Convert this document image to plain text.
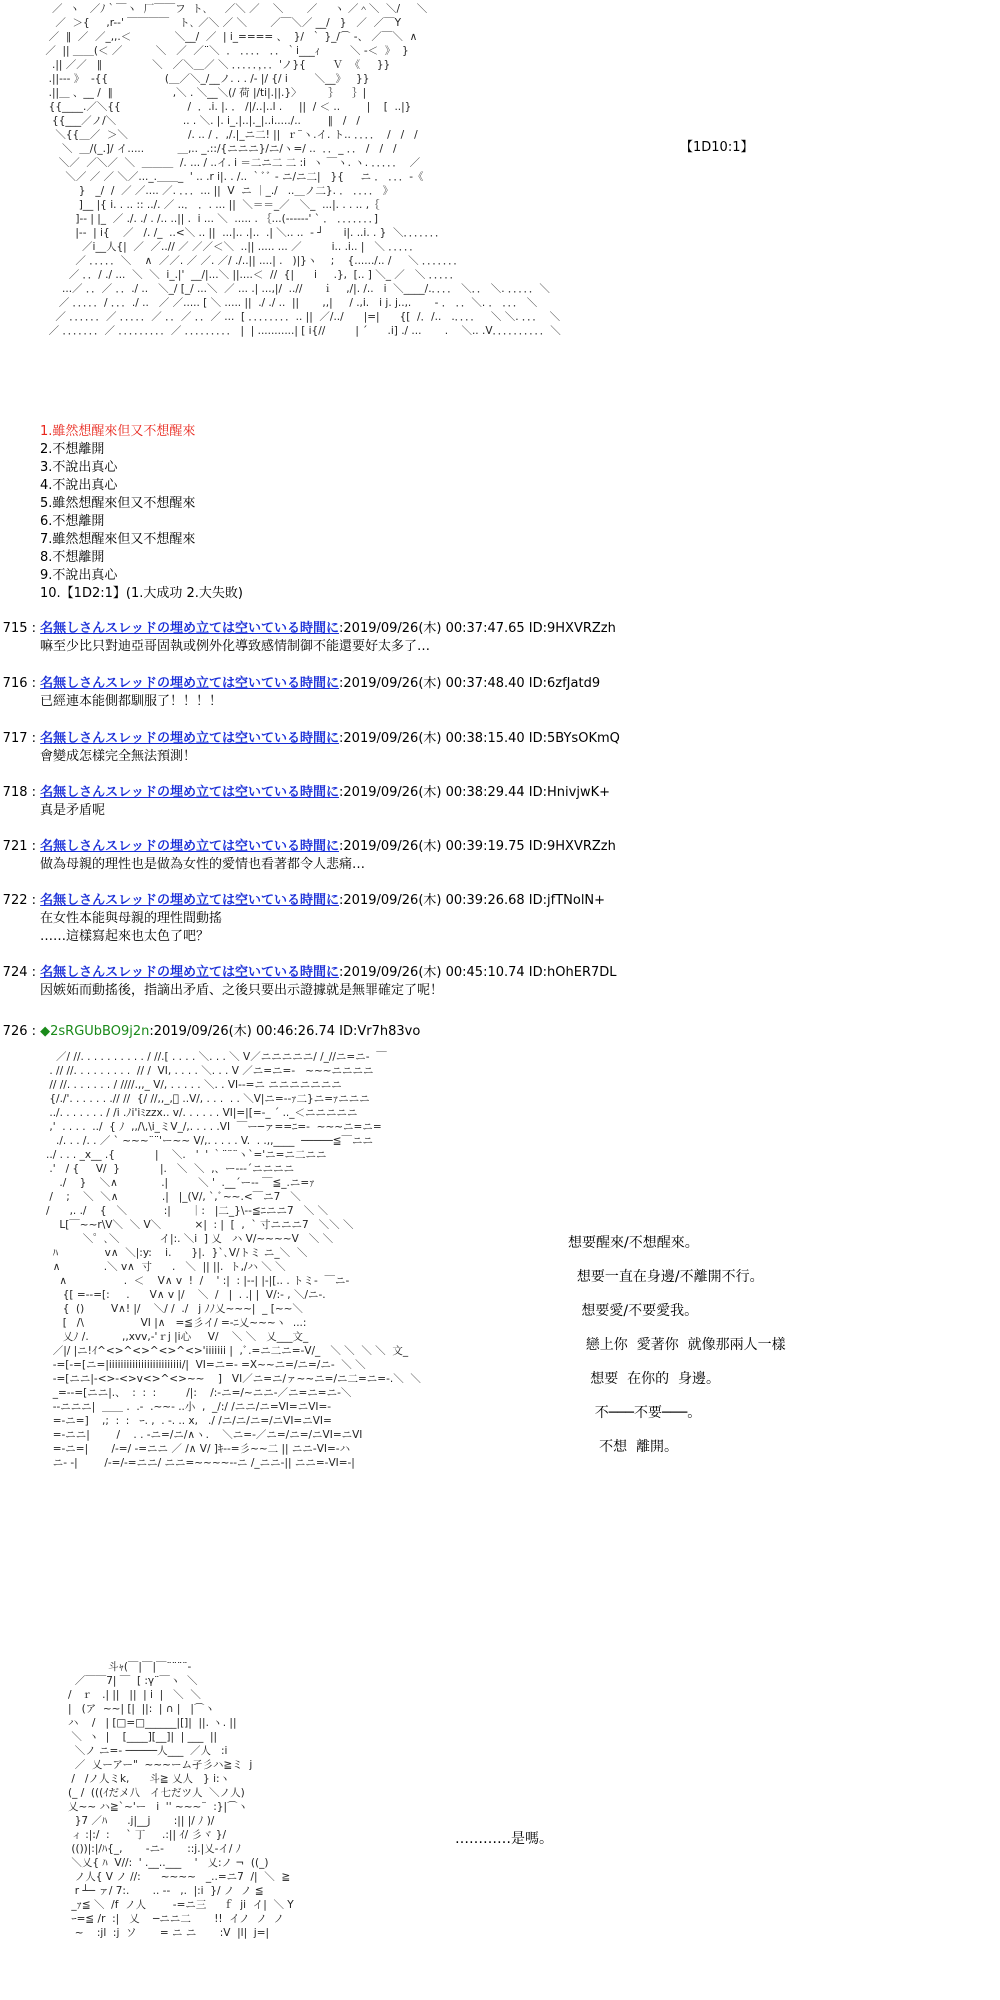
／  ヽ   ／ﾉ｀￣ヽ  厂￣￣フ  ト､     ／＼ ／    ＼       ／     ヽ ／＾＼  ＼/     ＼
／  ＞{     ,r--' ￣￣￣￣   ト､ ／＼ ／ ＼       ／￣＼／ __/   }   ／  ／￣Y
／  ∥  ／  ／_,,.＜             ＼__/  ／  | i_==== 、  }/  ｀ }_/⌒ -、 ／￣＼  ∧
／  || ＿＿(＜ ／          ＼   ／  ／¨＼  ． ．．．． ．．｀i___ｨ         ＼ ‐＜  》  }
.|| ／／   ∥               ＼   ／＼＿／ ＼ ．．．．．，．．'ノ}{        Ｖ  《     }}
.||--- 》  -{{                 (＿／＼_/__ノ. . . /- |/ {/ i        ＼__》   }}
.||＿ 、__ /  ∥                  ,＼ . ＼__＼(/ 荷 |/ti|.||.}〉        ｝    ｝|
{{____.／＼{{                    /  ．.i. |. ． /|/..|..l .     ||  / ＜ ..        |    [  ..|}
{{___／ノ/＼                    .. . ＼. |. i_.|..|._|..i...../..        ∥   /   /
＼{{＿／  ＞＼                  /. .. / ．,/.|_ニ二! ||  ｒ¨ヽ.イ. ト.. ．．．．  /   /   /
＼  ＿/(_.]/ イ.....          ＿,.. _.::/{ニニニ}/ニ/ヽ=/ ..  ．．_ ．． /   /   /
＼／  ／＼／  ＼  ＿＿＿  /. ... / ..イ. i ＝二ニ二 二 :i  ヽ ￣ヽ. ヽ. ．．．．．  ／
＼／ ／ ／ ＼／..._.＿＿_  ' .. .r i|. . /.. ｀ﾞﾞ ‐ ニ/ニ二|   }{     ニ ． ．．．‐《
}   _/  /  ／ ／.... ／. ．．．... ||  V  ニ ｜_./   ..＿ノ二}. ． ．．．． 》
]__ |{ i. . .. :: ../. ／ ..． ．. ... ||  ＼＝＝_／   ＼_  ...|. . . .. ,｛
]-- | |_  ／ ./. ./ . /.. ..|| .  i ... ＼  ..... . ｛...(------' ` ． ．．．．．．．]
|--  | i{    ／   /. /_  ..<＼ .. ||  ...|.. .|..  .| ＼.. ..  ‐ ┘      i|. ..i. . }  ＼．．．．．．．
／i__人{|  ／  ／..// ／ ／／＜＼  ..|| ..... ... ／         i.. .i.. |   ＼ ．．．．．
／ ．．．．．＼    ∧  ／／. ／ ／. ／/ ./..|| ....| .   )|}ヽ    ;    {....../.. /     ＼ ．．．．．．．
／ ．．/ ./ ...  ＼  ＼  i_.|'  __/|...＼ ||....＜  //  {|      i     .},  [.. ] ＼_ ／   ＼ ．．．．．
...／ ．．／ ．．./ ..   ＼_/ [_/ ...＼  ／ ... .| ...,|/  ..//      ｉ    ,/|. /..   i  ＼____/.．．．． ＼．． ＼. ．．．．．＼
／ ．．．．．/ ．．．./ ..   ／ ／..... [ ＼ ..... ||  ./ ./ ..  ||       ,,|     / .,i.   i j. j..,.       ‐ ． ．．＼. ． ．．． ＼
／ ．．．．．．／ ．．．．．／ ．．／ ．．／ ...  [ ．．．．．．．．.. ||  ／/../      |=|      {[  /．/..   .．．．．   ＼ ＼. ．．．  ＼
／ ．．．．．．．／ ．．．．．．．．．／ ．．．．．．．．． |  | ...........| [ i{//         | ´      .i] ./ ...       .    ＼.. .V．．．．．．．．．．＼
【1D10:1】
1.雖然想醒來但又不想醒來
2.不想離開
3.不說出真心
4.不說出真心
5.雖然想醒來但又不想醒來
6.不想離開
7.雖然想醒來但又不想醒來
8.不想離開
9.不說出真心
10.【1D2:1】(1.大成功 2.大失敗)
715 : 名無しさんスレッドの埋め立ては空いている時間に:2019/09/26(木) 00:37:47.65 ID:9HXVRZzh
嘛至少比只對迪亞哥固執或例外化導致感情制御不能還要好太多了…
716 : 名無しさんスレッドの埋め立ては空いている時間に:2019/09/26(木) 00:37:48.40 ID:6zfJatd9
已經連本能側都馴服了！！！！
717 : 名無しさんスレッドの埋め立ては空いている時間に:2019/09/26(木) 00:38:15.40 ID:5BYsOKmQ
會變成怎樣完全無法預測！
718 : 名無しさんスレッドの埋め立ては空いている時間に:2019/09/26(木) 00:38:29.44 ID:HnivjwK+
真是矛盾呢
721 : 名無しさんスレッドの埋め立ては空いている時間に:2019/09/26(木) 00:39:19.75 ID:9HXVRZzh
做為母親的理性也是做為女性的愛情也看著都令人悲痛…
722 : 名無しさんスレッドの埋め立ては空いている時間に:2019/09/26(木) 00:39:26.68 ID:jfTNolN+
在女性本能與母親的理性間動搖
……這樣寫起來也太色了吧？
724 : 名無しさんスレッドの埋め立ては空いている時間に:2019/09/26(木) 00:45:10.74 ID:hOhER7DL
因嫉妬而動搖後，指謫出矛盾、之後只要出示證據就是無罪確定了呢！
726 : ◆2sRGUbBO9j2n:2019/09/26(木) 00:46:26.74 ID:Vr7h83vo
／/ //. . . . . . . . . . / //.[ . . . . ＼. . . ＼ V／ニニニニニ/ /_//ニ=ニ-  ￣
. // //. . . . . . . . .  // /  VI, . . . . ＼. . . V ／ニ=ニ=-   ~~~ニニニニ
// //. . . . . . . / ////.,,_ V/, . . . . . ＼. . VI--=ニ ニニニニニニニ
{/./'. . . . . . .// //  {/ //,,_,ﾞ ..V/, . . .  . . ＼V|ニ=--ｧ二}ニ=ｧニニニ
../. . . . . . . / /i .ﾉi'iﾐzzx.. v/. . . . . . VI|=|[=-_ ´ .._＜ニニニニニ
,'  . . . .  ../  { ﾉ  ,,/\,\i_ミV_/,. . . . .VI  ￣ー─ァ==ﾆ=-  ~~~ニ=ニ=
./. . . /. . ／ ` ~~~¨¨'ー~~ V/,. . . . . V.  . .,,____  ─────≦￣ニニ
../ . . . _x__ .{            |    ＼.   '  ' ｀¨¨¨ヽ`='ニ=ニ二ニニ
.'   / {     V/  }            |.   ＼  ＼  ,、ー---´ニニニニ
./    }    ＼∧             .|         ＼ '  .__´ー-- ￣≦_.ニ=ｧ
/    ;    ＼  ＼∧             .|   |_(V/, `,ﾞ~~.<￣ニ7   ＼
/      ,. ./    {   ＼           :|      ｜:   |二_}\--≦ﾆニニ7   ＼ ＼
L[￣~~r\V＼  ＼ V＼          ×|  : |  [  ,  ` 寸ニニニ7   ＼＼ ＼
＼゜､＼            イ|:. ＼i  ] 乂   ハ V/~~~~V   ＼ ＼
ﾊ              v∧  ＼|:y:    i.      }|.  }`､V/トミ ニ_＼  ＼
∧             .＼ v∧  寸      .   ＼  || ||.  ト,/ハ ＼ ＼
∧                 .  ＜    V∧ v  !  /    ' :|  : |--| |-|[.. . トミ-  ￣ニ-
{[ =--=[:     .      V∧ v |/    ＼  /   |  . .| |  V/:- , ＼/ニ-.
{  ()        V∧! |/    ＼/ /  ./   j ﾉﾉ乂~~~|  _ [~~＼
[   /\                 VI |∧   =≦彡イ/ =-ﾆ乂~~~ヽ  ...:
乂ﾉ /.          ,,xvv,-'ｒj |i心     V/    ＼ ＼   乂___文_
／|/ |ニ!ｲ^<>^<>^<>^<>'iiiiiii |  ,ﾞ.=ニ二ニ=-V/_   ＼ ＼  ＼ ＼  文_
-=[-=[ニ=|iiiiiiiiiiiiiiiiiiiiiiiii/|  VI=ニ=- =X~~ニ=/ニ=/ニ-  ＼ ＼
-=[ニニ|-<>-<>v<>^<>~~    ]   VI／ニ=ニ/ァ~~ニ=/ニ二=ニ=-.＼  ＼
_=--=[ニニ|.、  :  :  :         /|:    /:-ニ=/~ニニ-／ニ=ニ=ニ-＼
--ニニニ|  ＿＿ .  .‐  .~~‐ ..小  ,  _/:/ /ニニ/ニ=VI=ニVI=-
=-ニ=]    ,;  :  :   ｰ. ,  . ‐. .. x,   ./ /ニ/ニ/ニ=/ニVI=ニVI=
=-ニニ|        /    . . -ニ=/ニ/∧ヽ.    ＼ニ=-／ニ=/ニ=/ニVI=ニVI
=-ニ=|       /-=/ -=ニニ ／ /∧ V/ ]ｷ--=彡~~二 || ニニ-VI=-ハ
ニ- -|        /-=/-=ニニ/ ニニ=~~~~--ニ /_ニニ-|| ニニ=-VI=-|
想要醒來/不想醒來。
想要一直在身邊/不離開不行。
想要愛/不要愛我。
戀上你  愛著你  就像那兩人一樣
想要  在你的  身邊。
不───不要───。
不想  離開。
斗ｬ(￣|￣|￣¨¨¨¨‐
／￣￣7| ￣  [ :γ¨￣ヽ  ＼
/   ｒ   .| ||   ||  | i  |   ＼  ＼
|   (ア  ~~| [|  ||:  | ∩ |   |⌒ヽ
ハ    /   | [□=□______|[]|  ||. ヽ. ||
＼  ヽ  |    [____][__]|  | ___  ||
＼ノ ニ=- ─────人___  ／人   :i
／  乂ーアー"  ~~~ーム孑彡ハ≧ミ  j
/   /ノ人ミk,      斗≧ 乂人   } i:ヽ
(_ /  (((ｲだメ八   イ七だツ人  ＼ノ人)
乂~~ ハ≧`~'ー   i  '' ~~~¨  :}|⌒ヽ
}7 ／ﾊ      .j|__j       :|| |/ ﾉ )/
ィ :|:/  :     ` 丁     .:|| ｲ/ 彡ヾ }/
(())|:|/ﾊ{_,       -ニ-       ::j.|乂-イ/ ﾉ
＼乂{ ﾊ  V//:  ' .__..___    '   乂:ノ ¬  ((_)
ノ人{ V ノ //:      ~~~~   _..=ニ7  /|  ＼  ≧
r ┴─ ァ/ 7:.       .. --   ,.  |:i  }/ ノ  ノ ≦
_ｧ≦ ＼  /f  ノ人        -=ニ三     ｆ  ji  イ|  ＼ Y
ｰ=≦ /r  :|   乂    ─ニニ二       !!  イノ  ノ  ノ
~    :jl  :j  ソ       = ニ ニ       :V  |l|  j=|
…………是嗎。
